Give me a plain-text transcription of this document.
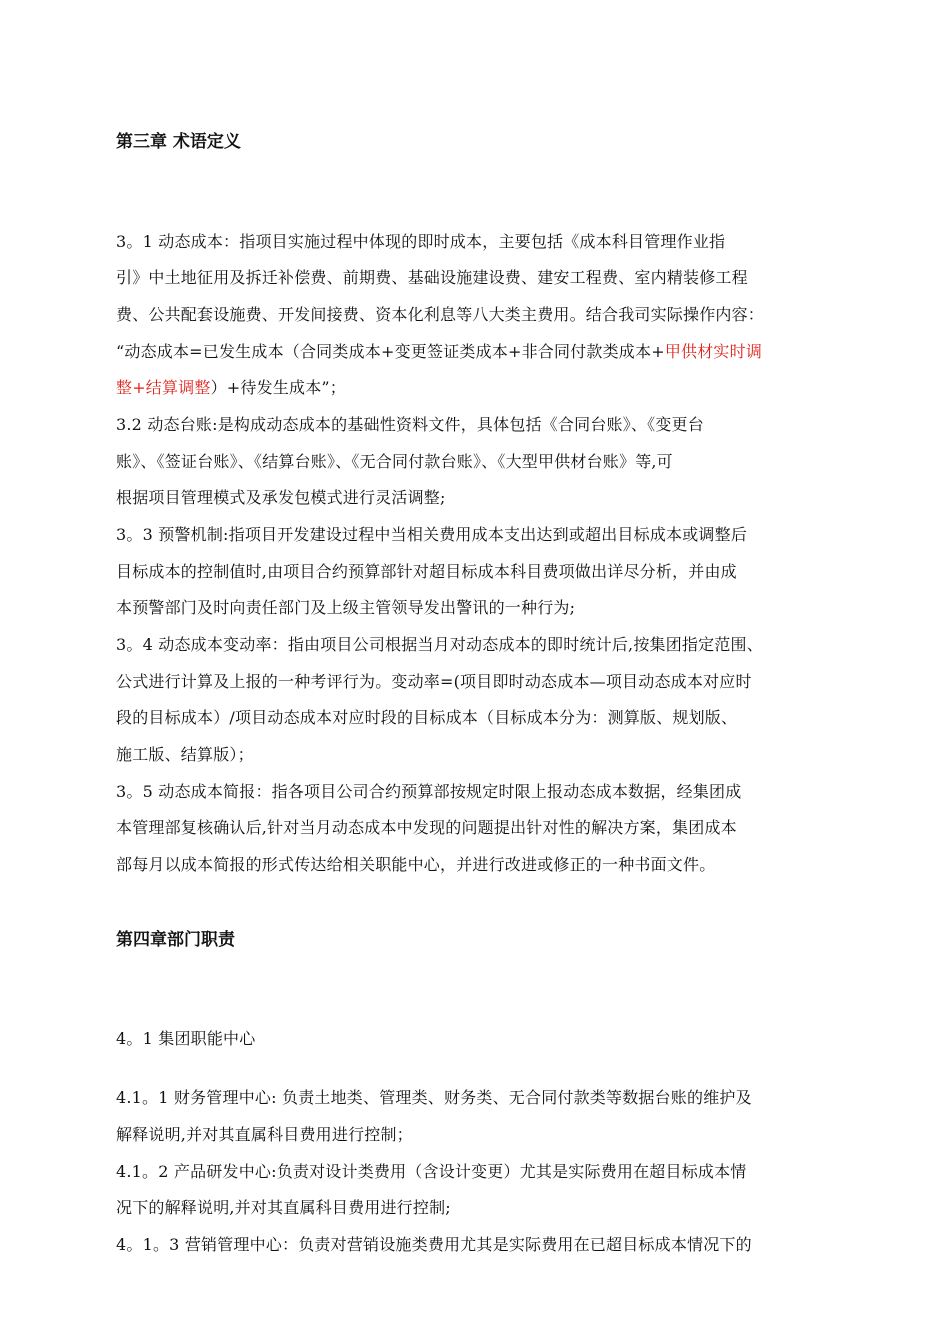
第三章 术语定义
3。1 动态成本：指项目实施过程中体现的即时成本，主要包括《成本科目管理作业指
引》中土地征用及拆迁补偿费、前期费、基础设施建设费、建安工程费、室内精装修工程
费、公共配套设施费、开发间接费、资本化利息等八大类主费用。结合我司实际操作内容：
“动态成本=已发生成本（合同类成本+变更签证类成本+非合同付款类成本+甲供材实时调
整+结算调整）+待发生成本”；
3.2 动态台账:是构成动态成本的基础性资料文件，具体包括《合同台账》、《变更台
账》、《签证台账》、《结算台账》、《无合同付款台账》、《大型甲供材台账》等,可
根据项目管理模式及承发包模式进行灵活调整;
3。3 预警机制:指项目开发建设过程中当相关费用成本支出达到或超出目标成本或调整后
目标成本的控制值时,由项目合约预算部针对超目标成本科目费项做出详尽分析，并由成
本预警部门及时向责任部门及上级主管领导发出警讯的一种行为;
3。4 动态成本变动率：指由项目公司根据当月对动态成本的即时统计后,按集团指定范围、
公式进行计算及上报的一种考评行为。变动率=(项目即时动态成本—项目动态成本对应时
段的目标成本）/项目动态成本对应时段的目标成本（目标成本分为：测算版、规划版、
施工版、结算版）；
3。5 动态成本简报：指各项目公司合约预算部按规定时限上报动态成本数据，经集团成
本管理部复核确认后,针对当月动态成本中发现的问题提出针对性的解决方案，集团成本
部每月以成本简报的形式传达给相关职能中心，并进行改进或修正的一种书面文件。
第四章部门职责
4。1 集团职能中心
4.1。1 财务管理中心: 负责土地类、管理类、财务类、无合同付款类等数据台账的维护及
解释说明,并对其直属科目费用进行控制；
4.1。2 产品研发中心:负责对设计类费用（含设计变更）尤其是实际费用在超目标成本情
况下的解释说明,并对其直属科目费用进行控制;
4。1。3 营销管理中心：负责对营销设施类费用尤其是实际费用在已超目标成本情况下的
